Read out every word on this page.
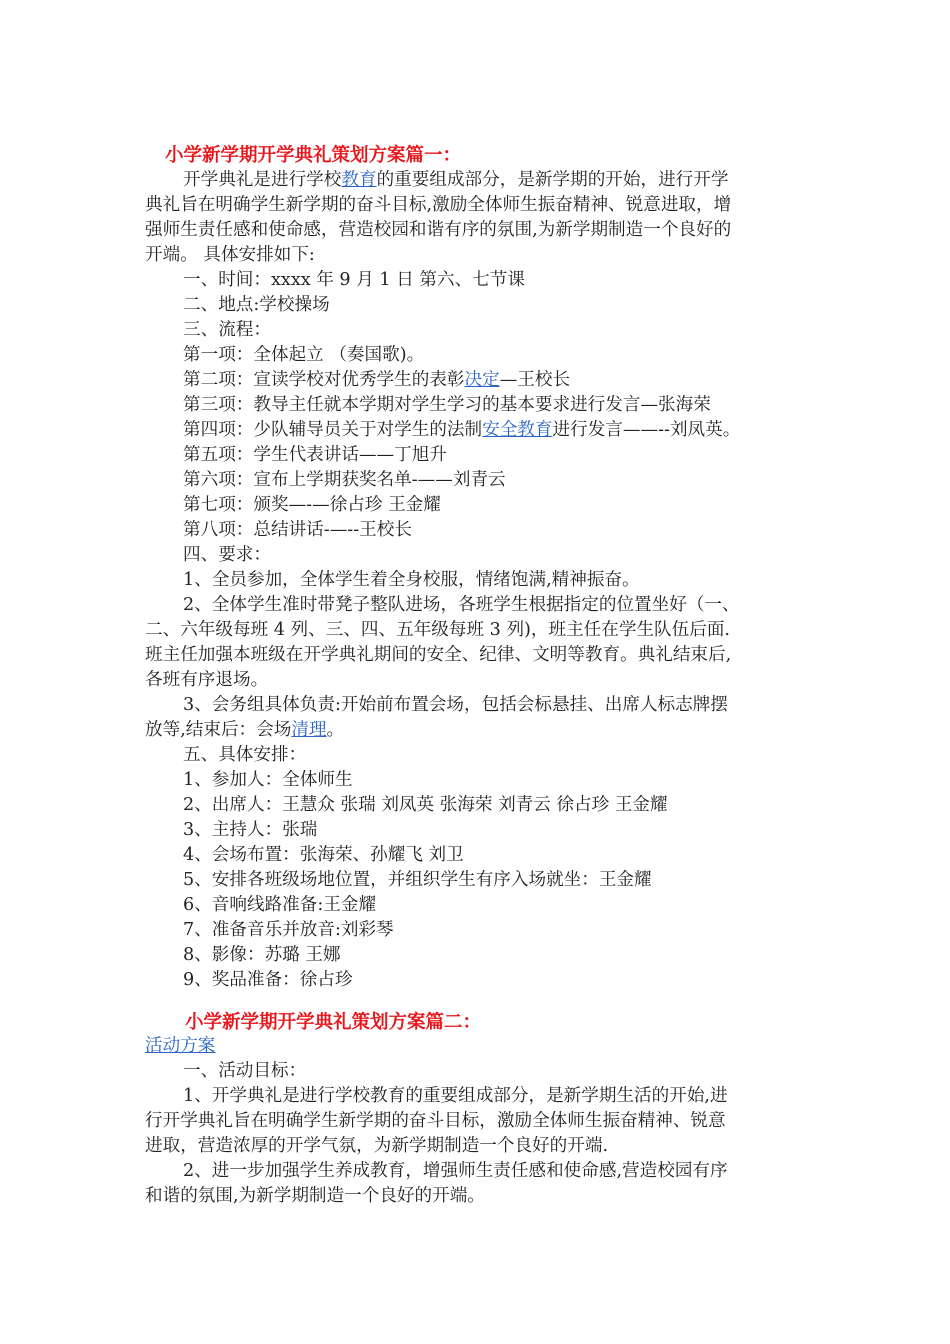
小学新学期开学典礼策划方案篇一：
开学典礼是进行学校教育的重要组成部分，是新学期的开始，进行开学
典礼旨在明确学生新学期的奋斗目标,激励全体师生振奋精神、锐意进取，增
强师生责任感和使命感，营造校园和谐有序的氛围,为新学期制造一个良好的
开端。 具体安排如下:
一、时间：xxxx 年 9 月 1 日 第六、七节课
二、地点:学校操场
三、流程：
第一项：全体起立 （奏国歌)。
第二项：宣读学校对优秀学生的表彰决定—王校长
第三项：教导主任就本学期对学生学习的基本要求进行发言—张海荣
第四项：少队辅导员关于对学生的法制安全教育进行发言——--刘凤英。
第五项：学生代表讲话——丁旭升
第六项：宣布上学期获奖名单-——刘青云
第七项：颁奖—-—徐占珍 王金耀
第八项：总结讲话-—--王校长
四、要求：
1、全员参加，全体学生着全身校服，情绪饱满,精神振奋。
2、全体学生准时带凳子整队进场，各班学生根据指定的位置坐好（一、
二、六年级每班 4 列、三、四、五年级每班 3 列)，班主任在学生队伍后面.
班主任加强本班级在开学典礼期间的安全、纪律、文明等教育。典礼结束后,
各班有序退场。
3、会务组具体负责:开始前布置会场，包括会标悬挂、出席人标志牌摆
放等,结束后：会场清理。
五、具体安排：
1、参加人：全体师生
2、出席人：王慧众 张瑞 刘凤英 张海荣 刘青云 徐占珍 王金耀
3、主持人：张瑞
4、会场布置：张海荣、孙耀飞 刘卫
5、安排各班级场地位置，并组织学生有序入场就坐：王金耀
6、音响线路准备:王金耀
7、准备音乐并放音:刘彩琴
8、影像：苏璐 王娜
9、奖品准备：徐占珍
小学新学期开学典礼策划方案篇二：
活动方案
一、活动目标：
1、开学典礼是进行学校教育的重要组成部分，是新学期生活的开始,进
行开学典礼旨在明确学生新学期的奋斗目标，激励全体师生振奋精神、锐意
进取，营造浓厚的开学气氛，为新学期制造一个良好的开端.
2、进一步加强学生养成教育，增强师生责任感和使命感,营造校园有序
和谐的氛围,为新学期制造一个良好的开端。
